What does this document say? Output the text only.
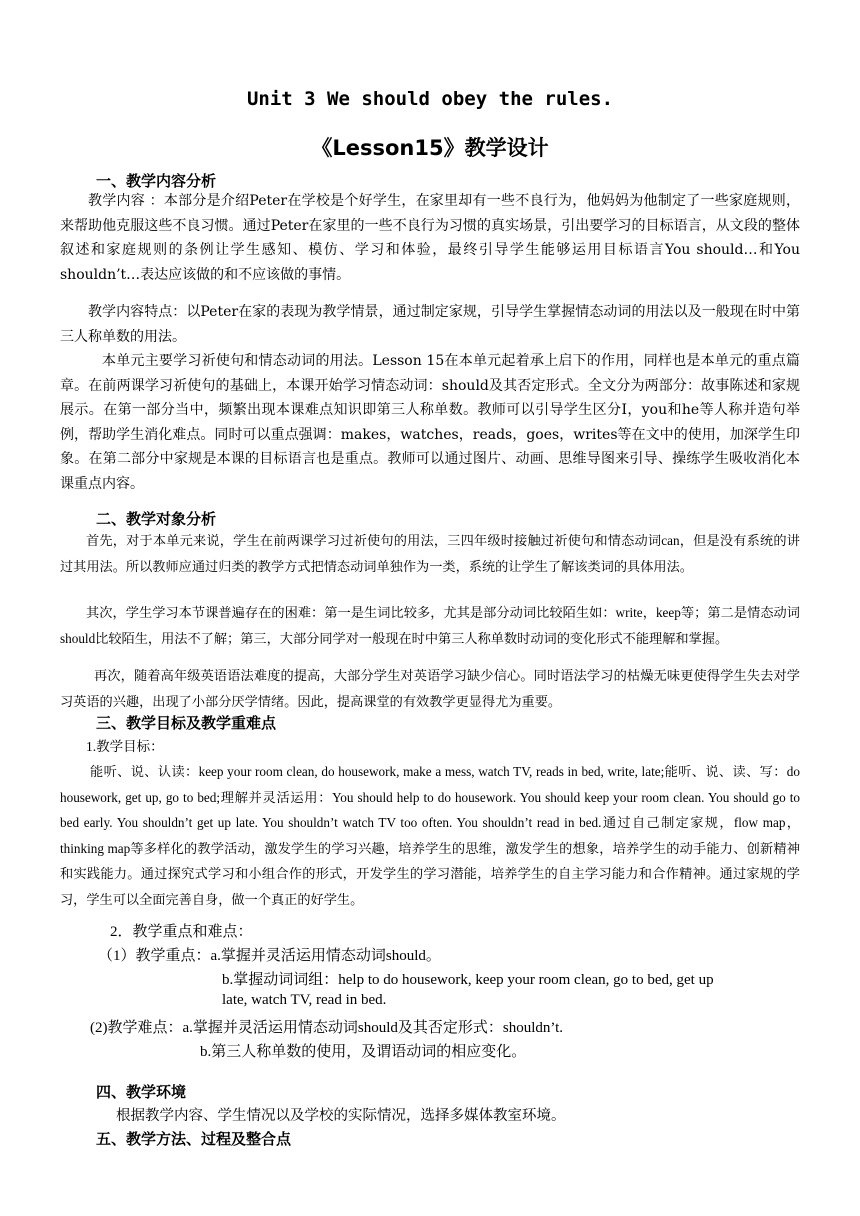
Unit 3 We should obey the rules.
《Lesson15》教学设计
一、教学内容分析
教学内容 ：本部分是介绍Peter在学校是个好学生，在家里却有一些不良行为，他妈妈为他制定了一些家庭规则，来帮助他克服这些不良习惯。通过Peter在家里的一些不良行为习惯的真实场景，引出要学习的目标语言，从文段的整体叙述和家庭规则的条例让学生感知、模仿、学习和体验，最终引导学生能够运用目标语言You should…和You shouldn’t…表达应该做的和不应该做的事情。
教学内容特点：以Peter在家的表现为教学情景，通过制定家规，引导学生掌握情态动词的用法以及一般现在时中第三人称单数的用法。
本单元主要学习祈使句和情态动词的用法。Lesson 15在本单元起着承上启下的作用，同样也是本单元的重点篇章。在前两课学习祈使句的基础上，本课开始学习情态动词：should及其否定形式。全文分为两部分：故事陈述和家规展示。在第一部分当中，频繁出现本课难点知识即第三人称单数。教师可以引导学生区分I，you和he等人称并造句举例，帮助学生消化难点。同时可以重点强调：makes，watches，reads，goes，writes等在文中的使用，加深学生印象。在第二部分中家规是本课的目标语言也是重点。教师可以通过图片、动画、思维导图来引导、操练学生吸收消化本课重点内容。
二、教学对象分析
首先，对于本单元来说，学生在前两课学习过祈使句的用法，三四年级时接触过祈使句和情态动词can，但是没有系统的讲过其用法。所以教师应通过归类的教学方式把情态动词单独作为一类，系统的让学生了解该类词的具体用法。
其次，学生学习本节课普遍存在的困难：第一是生词比较多，尤其是部分动词比较陌生如：write，keep等；第二是情态动词should比较陌生，用法不了解；第三，大部分同学对一般现在时中第三人称单数时动词的变化形式不能理解和掌握。
再次，随着高年级英语语法难度的提高，大部分学生对英语学习缺少信心。同时语法学习的枯燥无味更使得学生失去对学习英语的兴趣，出现了小部分厌学情绪。因此，提高课堂的有效教学更显得尤为重要。
三、教学目标及教学重难点
1.教学目标：
能听、说、认读：keep your room clean, do housework, make a mess, watch TV, reads in bed, write, late;能听、说、读、写：do housework, get up, go to bed;理解并灵活运用：You should help to do housework. You should keep your room clean. You should go to bed early. You shouldn’t get up late. You shouldn’t watch TV too often. You shouldn’t read in bed.通过自己制定家规，flow map，thinking map等多样化的教学活动，激发学生的学习兴趣，培养学生的思维，激发学生的想象，培养学生的动手能力、创新精神和实践能力。通过探究式学习和小组合作的形式，开发学生的学习潜能，培养学生的自主学习能力和合作精神。通过家规的学习，学生可以全面完善自身，做一个真正的好学生。
2．教学重点和难点：
（1）教学重点：a.掌握并灵活运用情态动词should。
b.掌握动词词组：help to do housework, keep your room clean, go to bed, get up
late, watch TV, read in bed.
(2)教学难点：a.掌握并灵活运用情态动词should及其否定形式：shouldn’t.
b.第三人称单数的使用，及谓语动词的相应变化。
四、教学环境
根据教学内容、学生情况以及学校的实际情况，选择多媒体教室环境。
五、教学方法、过程及整合点
